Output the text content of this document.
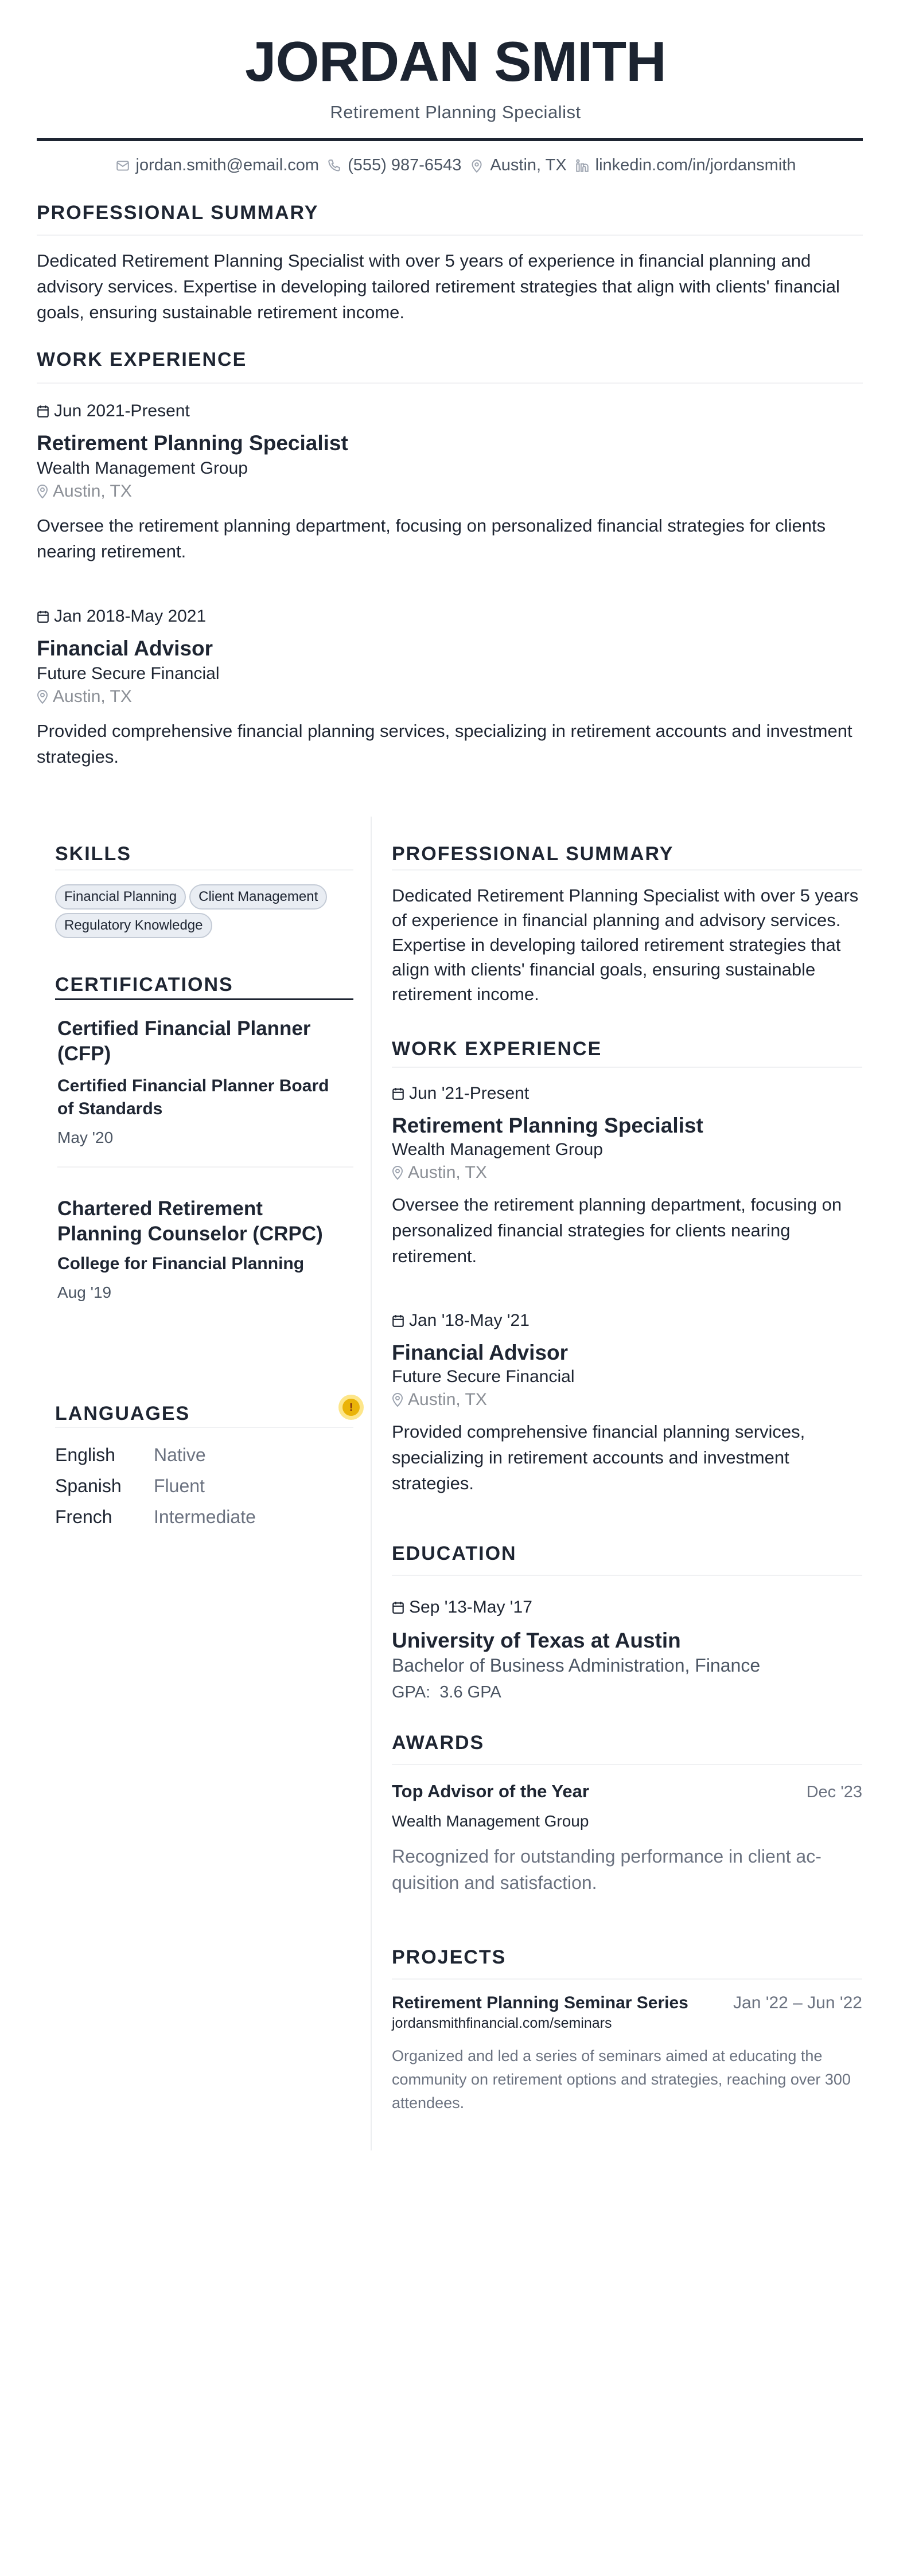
JORDAN SMITH
Retirement Planning Specialist
jordan.smith@email.com (555) 987-6543 Austin, TX linkedin.com/in/jordansmith
PROFESSIONAL SUMMARY
Dedicated Retirement Planning Specialist with over 5 years of experience in financial planning and advisory services. Expertise in developing tailored retirement strategies that align with clients' financial goals, ensuring sustainable retirement income.
WORK EXPERIENCE
Jun 2021-Present
Retirement Planning Specialist
Wealth Management Group
Austin, TX
Oversee the retirement planning department, focusing on personalized financial strategies for clients nearing retirement.
Jan 2018-May 2021
Financial Advisor
Future Secure Financial
Austin, TX
Provided comprehensive financial planning services, specializing in retirement accounts and investment strategies.
SKILLS
Financial Planning Client ManagementRegulatory Knowledge
CERTIFICATIONS
Certified Financial Planner (CFP)
Certified Financial Planner Board of Standards
May '20
Chartered Retirement Planning Counselor (CRPC)
College for Financial Planning
Aug '19
LANGUAGES	!
English	Native
Spanish	Fluent
French	Intermediate
PROFESSIONAL SUMMARY
Dedicated Retirement Planning Specialist with over 5 years of experience in financial planning and advisory services. Expertise in developing tailored retirement strategies that align with clients' financial goals, ensuring sustainable retirement income.
WORK EXPERIENCE
Jun '21-Present
Retirement Planning Specialist
Wealth Management Group
Austin, TX
Oversee the retirement planning department, focusing on personalized financial strategies for clients nearing retirement.
Jan '18-May '21
Financial Advisor
Future Secure Financial
Austin, TX
Provided comprehensive financial planning services, specializing in retirement accounts and investment strategies.
EDUCATION
Sep '13-May '17
University of Texas at Austin
Bachelor of Business Administration, Finance
GPA: 3.6 GPA
AWARDS
Top Advisor of the Year	Dec '23
Wealth Management Group
Recognized for outstanding performance in client acquisition and satisfaction.
PROJECTS
Retirement Planning Seminar Series	Jan '22 – Jun '22
jordansmithfinancial.com/seminars
Organized and led a series of seminars aimed at educating the community on retirement options and strategies, reaching over 300 attendees.
